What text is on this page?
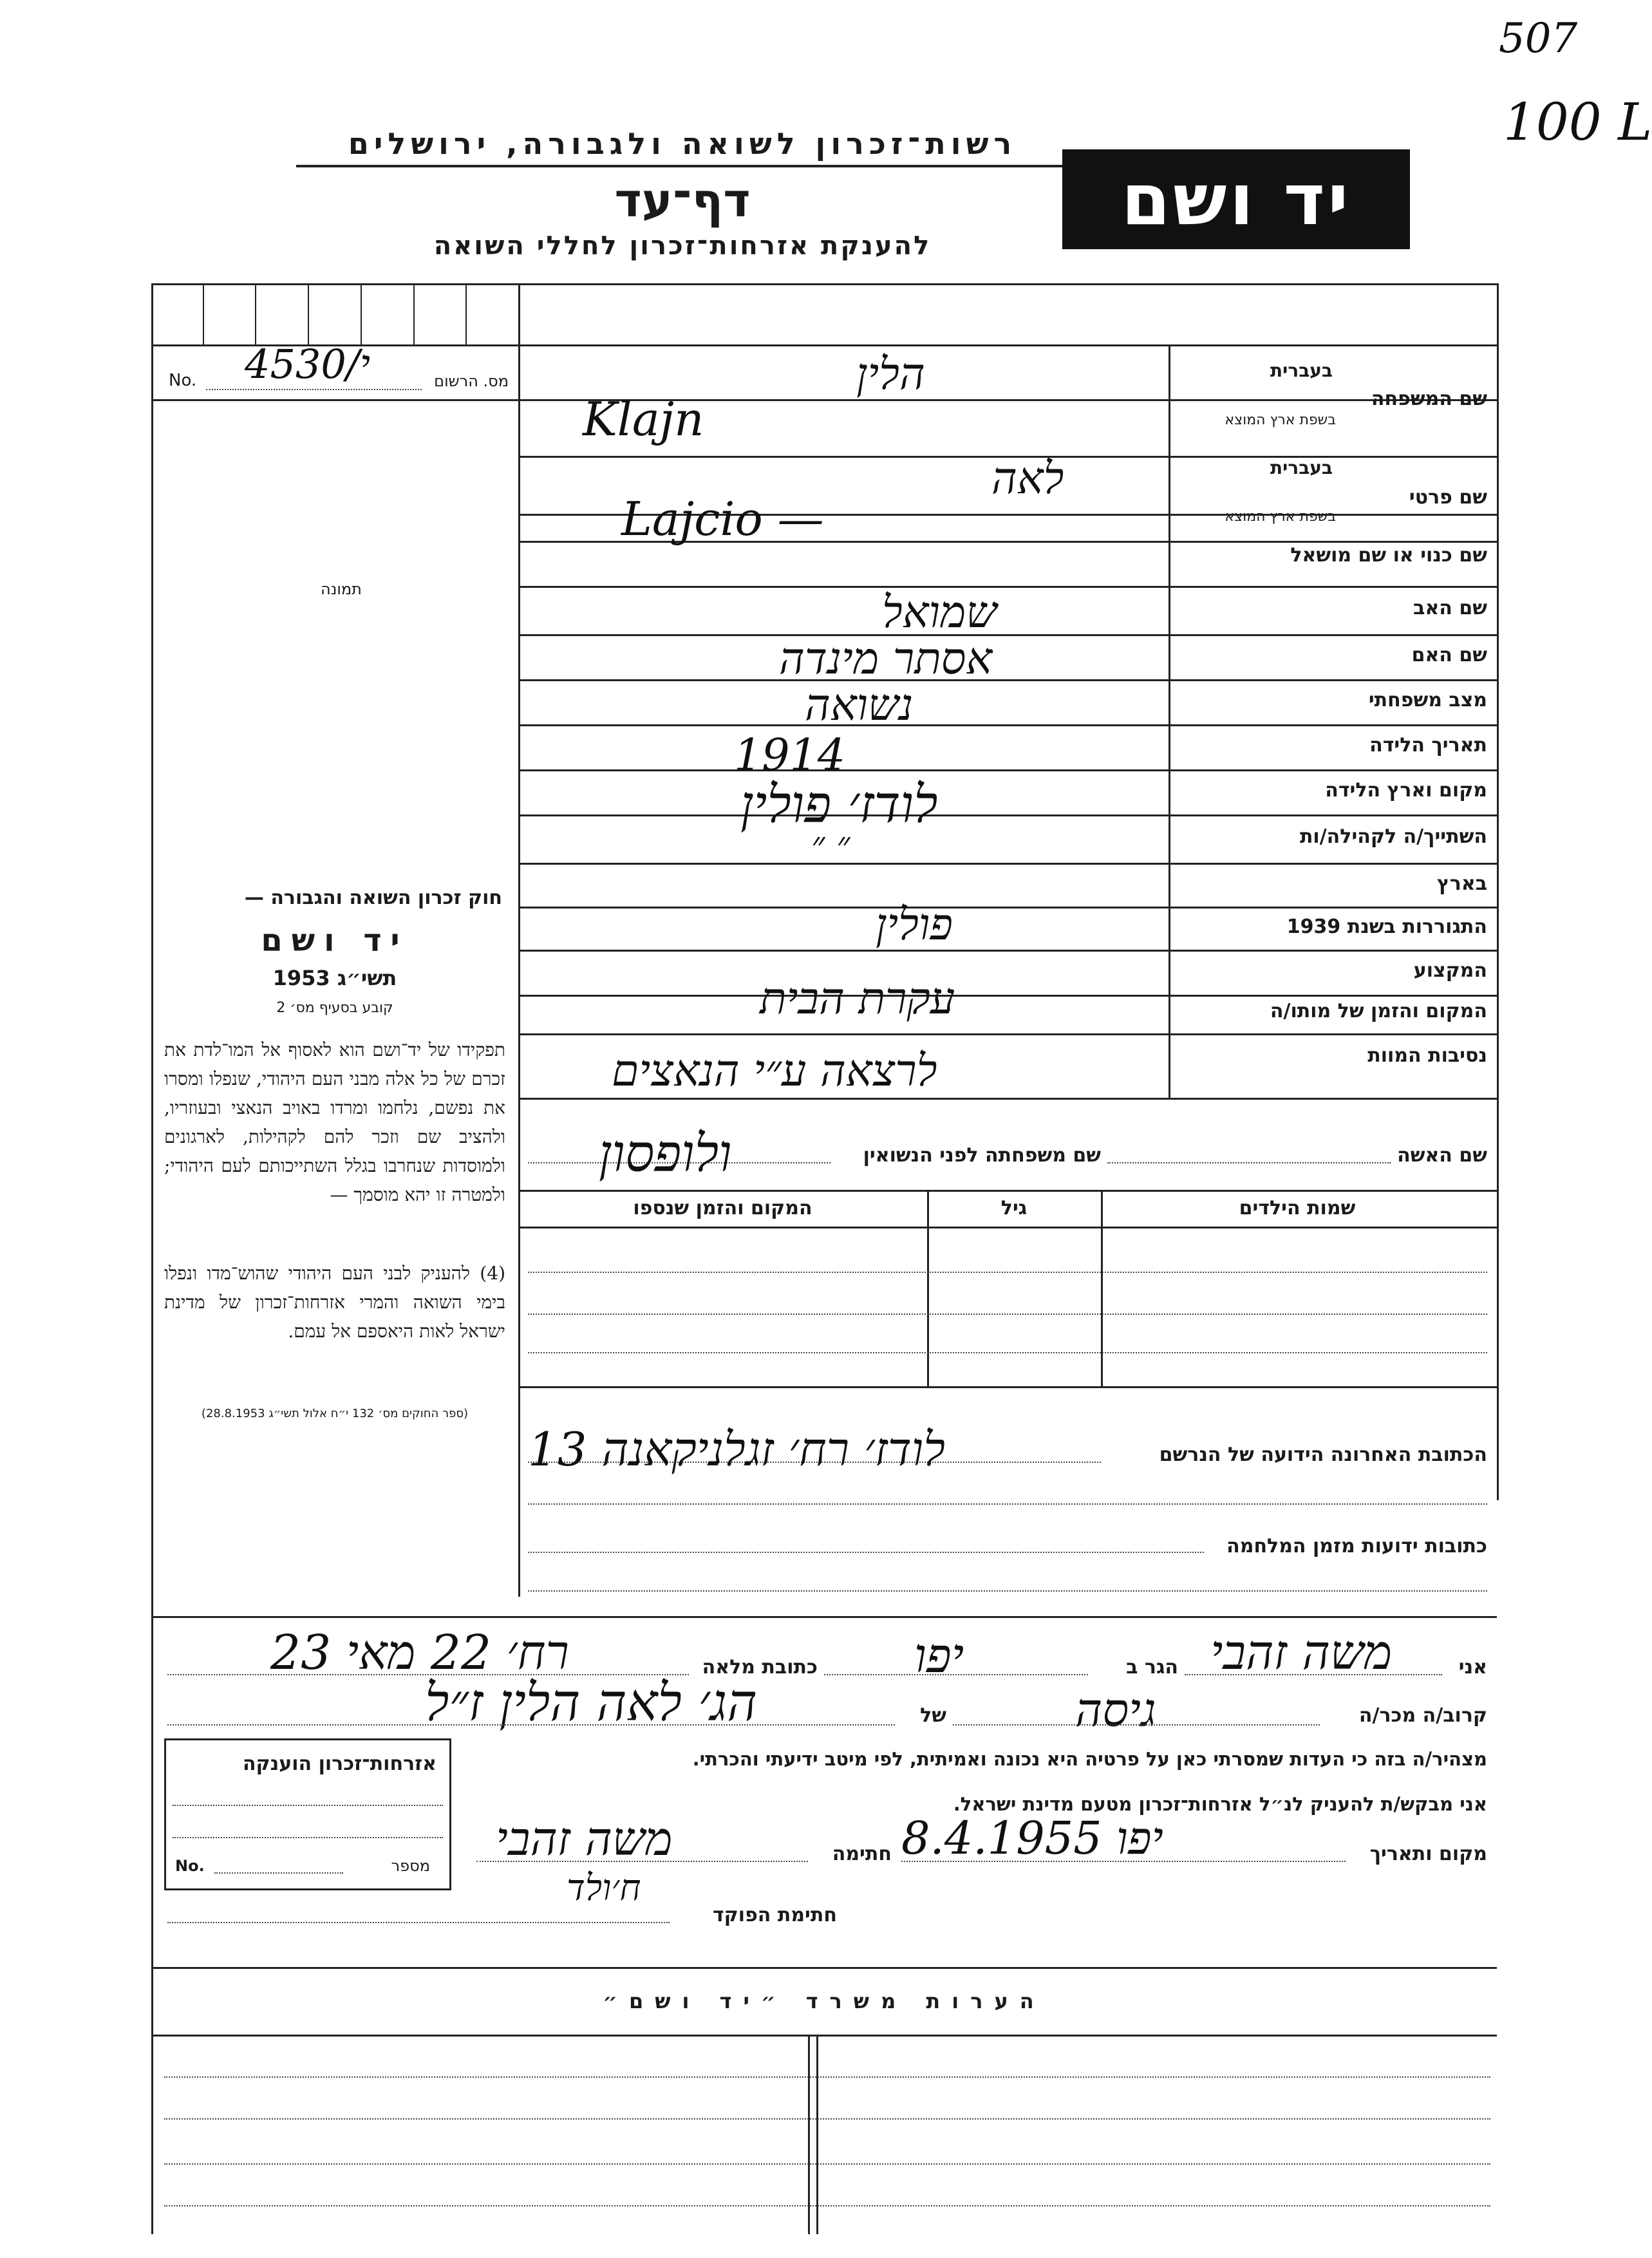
507
100 L
רשות־זכרון לשואה ולגבורה, ירושלים
דף־עד
להענקת אזרחות־זכרון לחללי השואה
יד ושם
No. 4530/י	מס. הרשום
תמונה
חוק זכרון השואה והגבורה —
יד ושם
תשי״ג 1953
קובע בסעיף מס׳ 2
תפקידו של יד־ושם הוא לאסוף אל המו־לדת את זכרם של כל אלה מבני העם היהודי, שנפלו ומסרו את נפשם, נלחמו ומרדו באויב הנאצי ובעוזריו, ולהציב שם וזכר להם לקהילות, לארגונים ולמוסדות שנחרבו בגלל השתייכותם לעם היהודי; ולמטרה זו יהא מוסמך —
(4) להעניק לבני העם היהודי שהוש־מדו ונפלו בימי השואה והמרי אזרחות־זכרון של מדינת ישראל לאות היאספם אל עמם.
(ספר החוקים מס׳ 132 י״ח אלול תשי״ג 28.8.1953)
בעברית
בשפת ארץ המוצא
שם המשפחה
בעברית
בשפת ארץ המוצא
שם פרטי
שם כנוי או שם מושאל
שם האב
שם האם
מצב משפחתי
תאריך הלידה
מקום וארץ הלידה
השתייך/ה לקהילה/ות
בארץ
התגוררות בשנת 1939
המקצוע
המקום והזמן של מותו/ה
נסיבות המוות
הלין
Klajn
לאה
Lajcio —
שמואל
אסתר מינדה
נשואה
1914
לודז׳ פולין
״ ״
פולין
עקרת הבית
לרצאה ע״י הנאצים
שם האשה
שם משפחתה לפני הנשואין
ולופסון
שמות הילדים
גיל
המקום והזמן שנספו
הכתובת האחרונה הידועה של הנרשם
לודז׳ רח׳ זגלניקאנה 13
כתובות ידועות מזמן המלחמה
אני
משה זהבי
הגר ב
יפו
כתובת מלאה
רח׳ 22 מאי 23
קרוב/ה מכר/ה
גיסה
של
הג׳ לאה הלין ז״ל
מצהיר/ה בזה כי העדות שמסרתי כאן על פרטיה היא נכונה ואמיתית, לפי מיטב ידיעתי והכרתי.
אני מבקש/ת להעניק לנ״ל אזרחות־זכרון מטעם מדינת ישראל.
מקום ותאריך
יפו 8.4.1955
חתימה
משה זהבי
חתימת הפוקד
ח׳ולד
אזרחות־זכרון הוענקה
No.	מספר
הערות משרד ״יד ושם״
